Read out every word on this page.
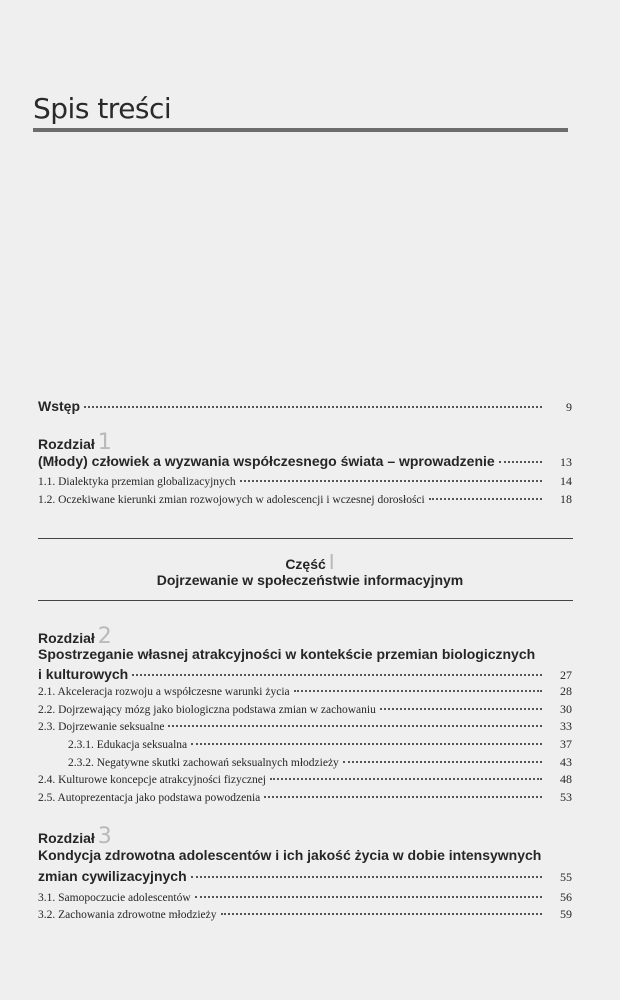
Spis treści
Wstęp	9
Rozdział 1
(Młody) człowiek a wyzwania współczesnego świata – wprowadzenie	13
1.1. Dialektyka przemian globalizacyjnych	14
1.2. Oczekiwane kierunki zmian rozwojowych w adolescencji i wczesnej dorosłości	18
Część I
Dojrzewanie w społeczeństwie informacyjnym
Rozdział 2
Spostrzeganie własnej atrakcyjności w kontekście przemian biologicznych
i kulturowych	27
2.1. Akceleracja rozwoju a współczesne warunki życia	28
2.2. Dojrzewający mózg jako biologiczna podstawa zmian w zachowaniu	30
2.3. Dojrzewanie seksualne	33
2.3.1. Edukacja seksualna	37
2.3.2. Negatywne skutki zachowań seksualnych młodzieży	43
2.4. Kulturowe koncepcje atrakcyjności fizycznej	48
2.5. Autoprezentacja jako podstawa powodzenia	53
Rozdział 3
Kondycja zdrowotna adolescentów i ich jakość życia w dobie intensywnych
zmian cywilizacyjnych	55
3.1. Samopoczucie adolescentów	56
3.2. Zachowania zdrowotne młodzieży	59
